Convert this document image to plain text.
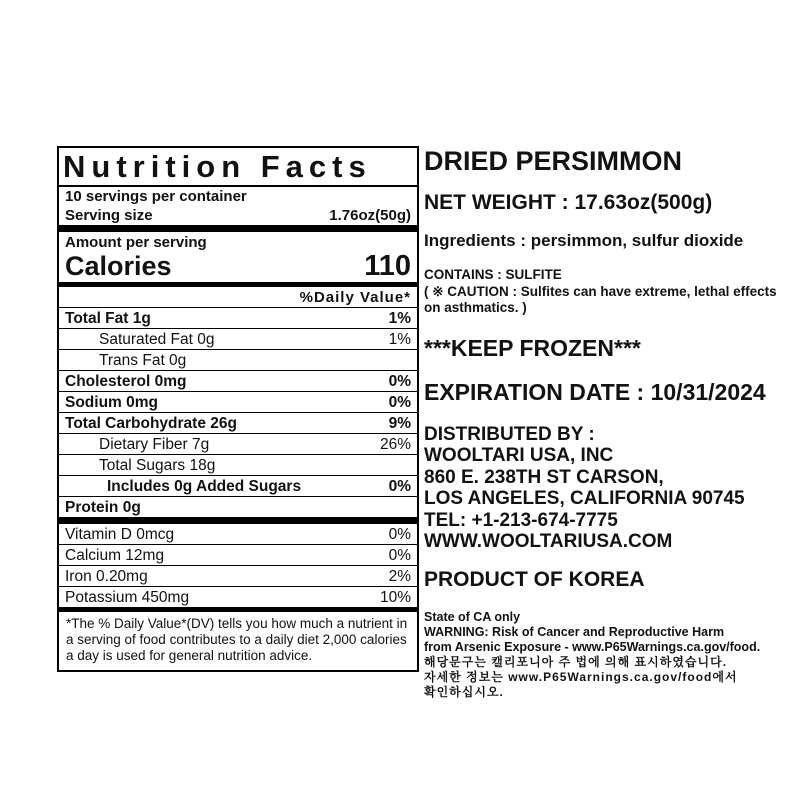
Nutrition Facts
10 servings per container
Serving size	1.76oz(50g)
Amount per serving
Calories	110
%Daily Value*
Total Fat 1g	1%
Saturated Fat 0g	1%
Trans Fat 0g
Cholesterol 0mg	0%
Sodium 0mg	0%
Total Carbohydrate 26g	9%
Dietary Fiber 7g	26%
Total Sugars 18g
Includes 0g Added Sugars	0%
Protein 0g
Vitamin D 0mcg	0%
Calcium 12mg	0%
Iron 0.20mg	2%
Potassium 450mg	10%
*The % Daily Value*(DV) tells you how much a nutrient in a serving of food contributes to a daily diet 2,000 calories a day is used for general nutrition advice.
DRIED PERSIMMON
NET WEIGHT : 17.63oz(500g)
Ingredients : persimmon, sulfur dioxide
CONTAINS : SULFITE
( ※ CAUTION : Sulfites can have extreme, lethal effects on asthmatics. )
***KEEP FROZEN***
EXPIRATION DATE : 10/31/2024
DISTRIBUTED BY :
WOOLTARI USA, INC
860 E. 238TH ST CARSON,
LOS ANGELES, CALIFORNIA 90745
TEL: +1-213-674-7775
WWW.WOOLTARIUSA.COM
PRODUCT OF KOREA
State of CA only
WARNING: Risk of Cancer and Reproductive Harm
from Arsenic Exposure - www.P65Warnings.ca.gov/food.
해당문구는 캘리포니아 주 법에 의해 표시하였습니다.
자세한 정보는 www.P65Warnings.ca.gov/food에서
확인하십시오.
